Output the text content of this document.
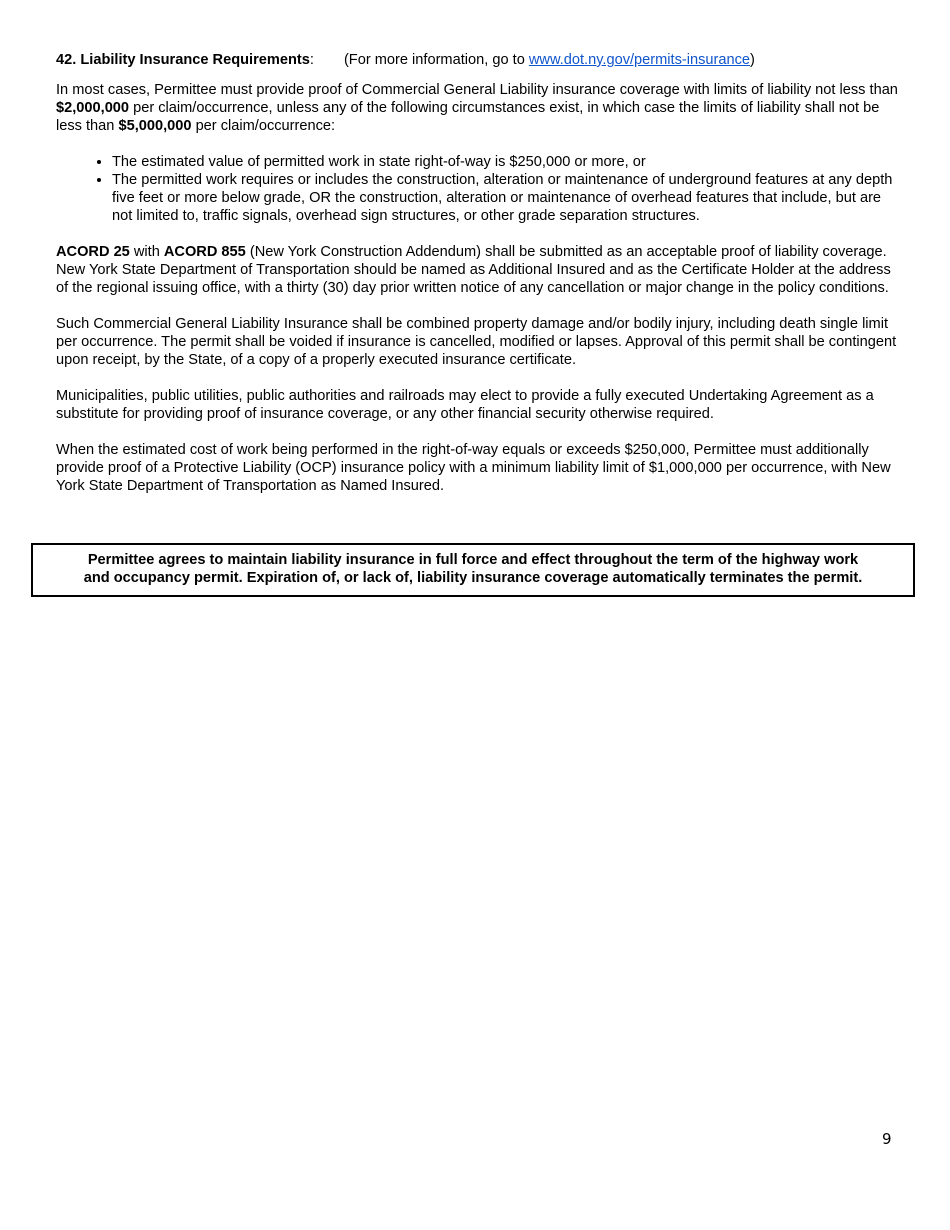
42. Liability Insurance Requirements: (For more information, go to www.dot.ny.gov/permits-insurance)

In most cases, Permittee must provide proof of Commercial General Liability insurance coverage with limits of liability not less than $2,000,000 per claim/occurrence, unless any of the following circumstances exist, in which case the limits of liability shall not be less than $5,000,000 per claim/occurrence:

• The estimated value of permitted work in state right-of-way is $250,000 or more, or
• The permitted work requires or includes the construction, alteration or maintenance of underground features at any depth five feet or more below grade, OR the construction, alteration or maintenance of overhead features that include, but are not limited to, traffic signals, overhead sign structures, or other grade separation structures.

ACORD 25 with ACORD 855 (New York Construction Addendum) shall be submitted as an acceptable proof of liability coverage. New York State Department of Transportation should be named as Additional Insured and as the Certificate Holder at the address of the regional issuing office, with a thirty (30) day prior written notice of any cancellation or major change in the policy conditions.

Such Commercial General Liability Insurance shall be combined property damage and/or bodily injury, including death single limit per occurrence. The permit shall be voided if insurance is cancelled, modified or lapses. Approval of this permit shall be contingent upon receipt, by the State, of a copy of a properly executed insurance certificate.

Municipalities, public utilities, public authorities and railroads may elect to provide a fully executed Undertaking Agreement as a substitute for providing proof of insurance coverage, or any other financial security otherwise required.

When the estimated cost of work being performed in the right-of-way equals or exceeds $250,000, Permittee must additionally provide proof of a Protective Liability (OCP) insurance policy with a minimum liability limit of $1,000,000 per occurrence, with New York State Department of Transportation as Named Insured.

Permittee agrees to maintain liability insurance in full force and effect throughout the term of the highway work
and occupancy permit. Expiration of, or lack of, liability insurance coverage automatically terminates the permit.
9
